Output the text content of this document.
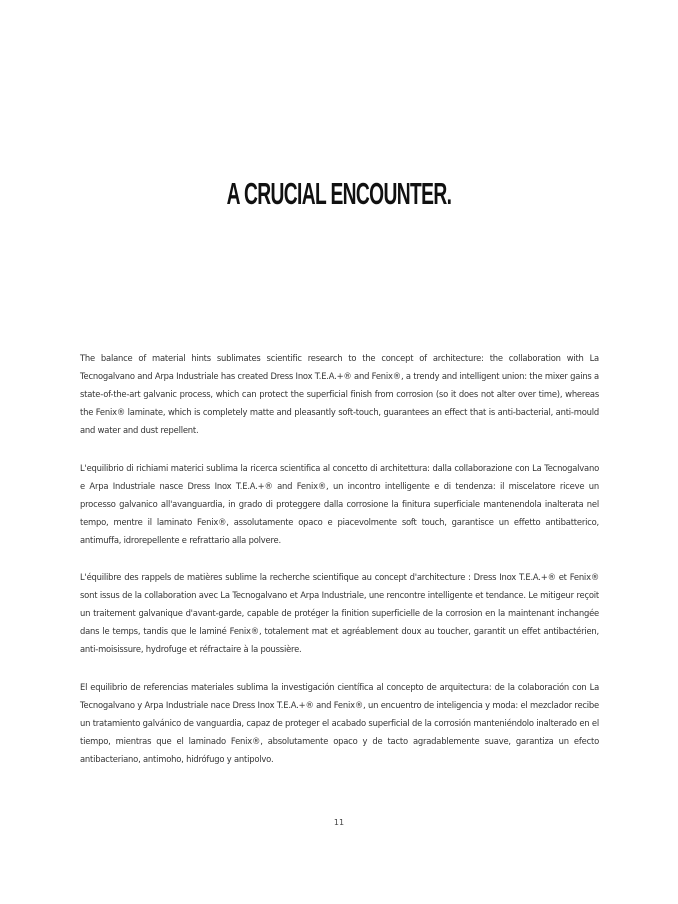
A CRUCIAL ENCOUNTER.

The balance of material hints sublimates scientific research to the concept of architecture: the collaboration with La Tecnogalvano and Arpa Industriale has created Dress Inox T.E.A.+® and Fenix®, a trendy and intelligent union: the mixer gains a state-of-the-art galvanic process, which can protect the superficial finish from corrosion (so it does not alter over time), whereas the Fenix® laminate, which is completely matte and pleasantly soft-touch, guarantees an effect that is anti-bacterial, anti-mould and water and dust repellent.

L'equilibrio di richiami materici sublima la ricerca scientifica al concetto di architettura: dalla collaborazione con La Tecnogalvano e Arpa Industriale nasce Dress Inox T.E.A.+® and Fenix®, un incontro intelligente e di tendenza: il miscelatore riceve un processo galvanico all'avanguardia, in grado di proteggere dalla corrosione la finitura superficiale mantenendola inalterata nel tempo, mentre il laminato Fenix®, assolutamente opaco e piacevolmente soft touch, garantisce un effetto antibatterico, antimuffa, idrorepellente e refrattario alla polvere.

L'équilibre des rappels de matières sublime la recherche scientifique au concept d'architecture : Dress Inox T.E.A.+® et Fenix® sont issus de la collaboration avec La Tecnogalvano et Arpa Industriale, une rencontre intelligente et tendance. Le mitigeur reçoit un traitement galvanique d'avant-garde, capable de protéger la finition superficielle de la corrosion en la maintenant inchangée dans le temps, tandis que le laminé Fenix®, totalement mat et agréablement doux au toucher, garantit un effet antibactérien, anti-moisissure, hydrofuge et réfractaire à la poussière.

El equilibrio de referencias materiales sublima la investigación científica al concepto de arquitectura: de la colaboración con La Tecnogalvano y Arpa Industriale nace Dress Inox T.E.A.+® and Fenix®, un encuentro de inteligencia y moda: el mezclador recibe un tratamiento galvánico de vanguardia, capaz de proteger el acabado superficial de la corrosión manteniéndolo inalterado en el tiempo, mientras que el laminado Fenix®, absolutamente opaco y de tacto agradablemente suave, garantiza un efecto antibacteriano, antimoho, hidrófugo y antipolvo.

11
